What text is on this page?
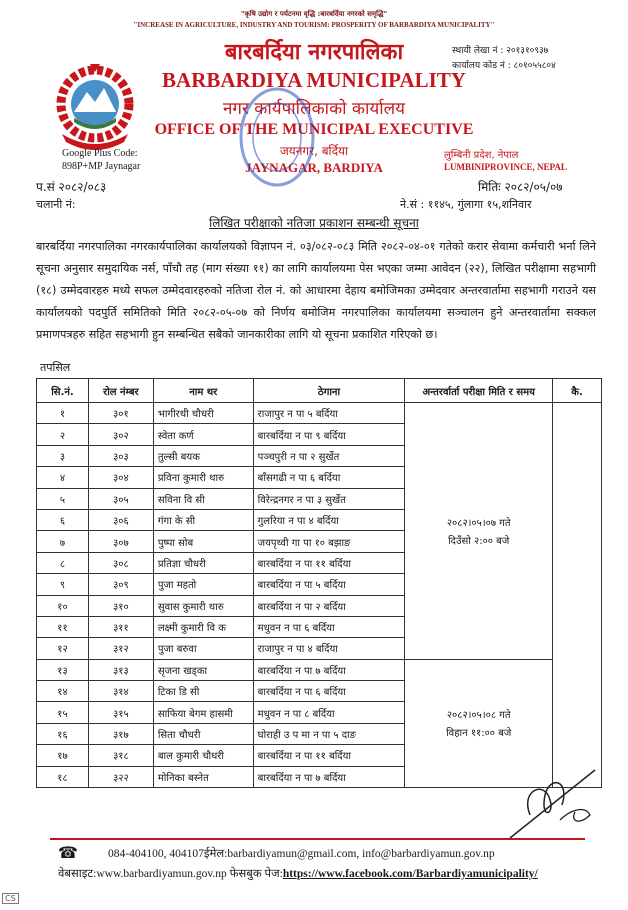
"कृषि उद्योग र पर्यटनमा वृद्धि :बारबर्दिया नगरको समृद्धि"
"INCREASE IN AGRICULTURE, INDUSTRY AND TOURISM: PROSPERITY OF BARBARDIYA MUNICIPALITY"
बारबर्दिया नगरपालिका
BARBARDIYA MUNICIPALITY
नगर कार्यपालिकाको कार्यालय
OFFICE OF THE MUNICIPAL EXECUTIVE
जयनगर, बर्दिया
JAYNAGAR, BARDIYA
स्थायी लेखा नं : २०१३१०९३७
कार्यालय कोड नं : ८०१०५५८०४
Google Plus Code:
898P+MP Jaynagar
लुम्बिनी प्रदेश, नेपाल
LUMBINIPROVINCE, NEPAL
प.सं २०८२/०८३
चलानी नं:
मितिः २०८२/०५/०७
ने.सं : ११४५, गुंलागा १५,शनिवार
लिखित परीक्षाको नतिजा प्रकाशन सम्बन्धी सूचना
बारबर्दिया नगरपालिका नगरकार्यपालिका कार्यालयको विज्ञापन नं. ०३/०८२-०८३ मिति २०८२-०४-०१ गतेको करार सेवामा कर्मचारी भर्ना लिने सूचना अनुसार समुदायिक नर्स, पाँचौ तह (माग संख्या ११) का लागि कार्यालयमा पेस भएका जम्मा आवेदन (२२), लिखित परीक्षामा सहभागी (१८) उम्मेदवारहरु मध्ये सफल उम्मेदवारहरुको नतिजा रोल नं. को आधारमा देहाय बमोजिमका उम्मेदवार अन्तरवार्तामा सहभागी गराउने यस कार्यालयको पदपुर्ति समितिको मिति २०८२-०५-०७ को निर्णय बमोजिम नगरपालिका कार्यालयमा सञ्चालन हुने अन्तरवार्तामा सक्कल प्रमाणपत्रहरु सहित सहभागी हुन सम्बन्धित सबैको जानकारीका लागि यो सूचना प्रकाशित गरिएको छ।
तपसिल
सि.नं.	रोल नंम्बर	नाम थर	ठेगाना	अन्तरर्वार्ता परीक्षा मिति र समय	कै.
१	३०१	भागीरथी चौधरी	राजापुर न पा ५ बर्दिया	२०८२।०५।०७ गते
दिउँसो २:०० बजे	

२	३०२	स्वेता कर्ण	बारबर्दिया न पा ९ बर्दिया		
३	३०३	तुल्सी बयक	पञ्चपुरी न पा २ सुर्खेत		
४	३०४	प्रविना कुमारी थारु	बाँसगढी न पा ६ बर्दिया		
५	३०५	सविना वि सी	विरेन्द्रनगर न पा ३ सुर्खेत		
६	३०६	गंगा के सी	गुलरिया न पा ४ बर्दिया		
७	३०७	पुष्पा सोब	जयपृथ्वी गा पा १० बझाङ		
८	३०८	प्रतिज्ञा चौधरी	बारबर्दिया न पा ११ बर्दिया		
९	३०९	पुजा महतो	बारबर्दिया न पा ५ बर्दिया		
१०	३१०	सुवास कुमारी थारु	बारबर्दिया न पा २ बर्दिया		
११	३११	लक्ष्मी कुमारी वि क	मधुवन न पा ६ बर्दिया		
१२	३१२	पुजा बरुवा	राजापुर न पा ४ बर्दिया		
१३	३१३	सृजना खड्का	बारबर्दिया न पा ७ बर्दिया	२०८२।०५।०८ गते
विहान ११:०० बजे	

१४	३१४	टिका डि सी	बारबर्दिया न पा ६ बर्दिया		
१५	३१५	साफिया बेगम हासमी	मधुवन न पा ८ बर्दिया		
१६	३१७	सिता चौधरी	घोराही उ प मा न पा ५ दाङ		
१७	३१८	बाल कुमारी चौधरी	बारबर्दिया न पा ११ बर्दिया		
१८	३२२	मोनिका बस्नेत	बारबर्दिया न पा ७ बर्दिया		
☎	084-404100, 404107ईमेल:barbardiyamun@gmail.com, info@barbardiyamun.gov.np
वेबसाइट:www.barbardiyamun.gov.np फेसबुक पेज:https://www.facebook.com/Barbardiyamunicipality/
CS
